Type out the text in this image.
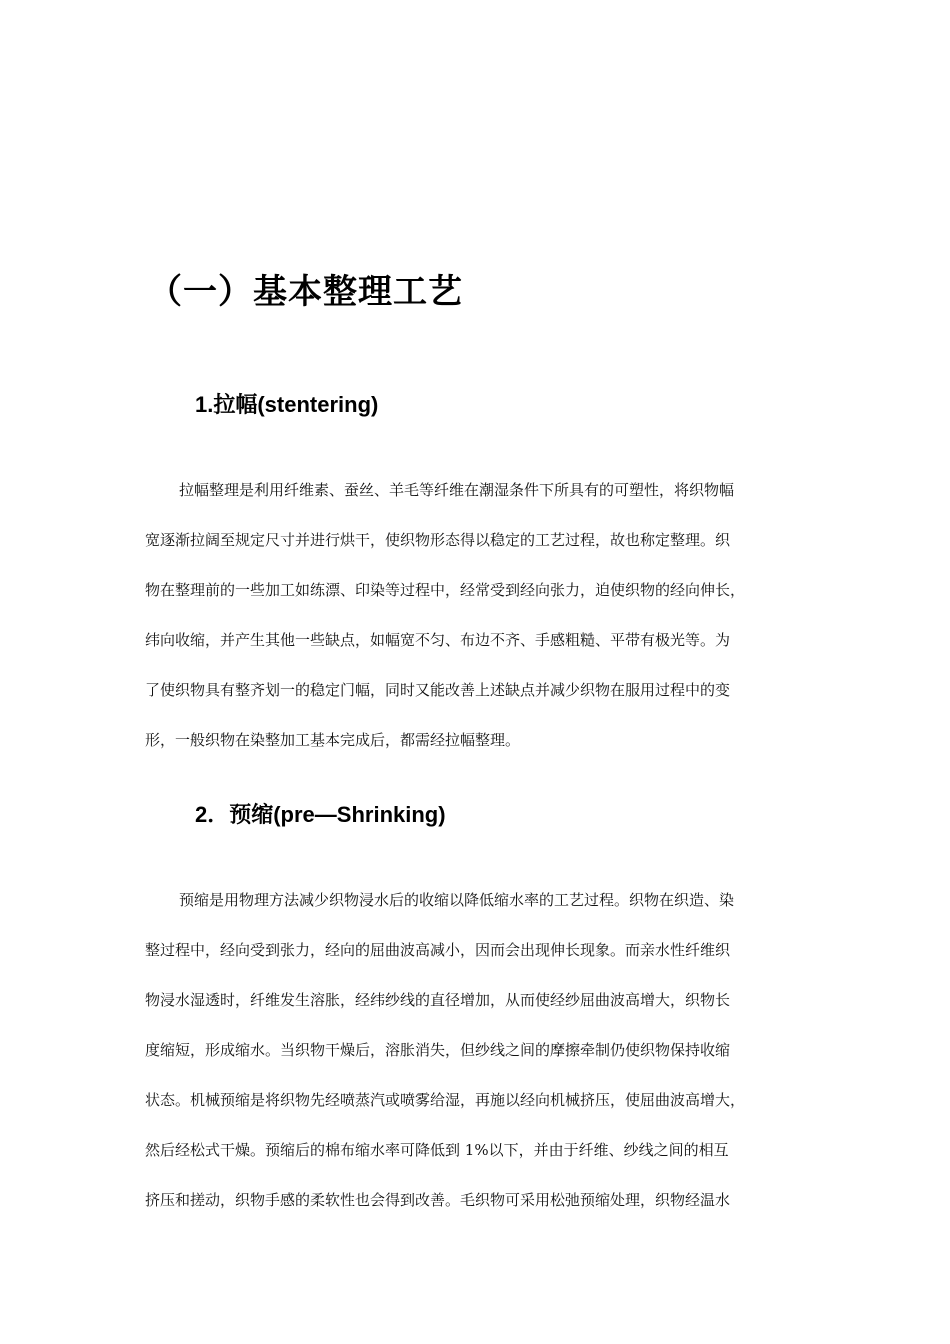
（一）基本整理工艺
1.拉幅(stentering)
拉幅整理是利用纤维素、蚕丝、羊毛等纤维在潮湿条件下所具有的可塑性，将织物幅
宽逐渐拉阔至规定尺寸并进行烘干，使织物形态得以稳定的工艺过程，故也称定整理。织
物在整理前的一些加工如练漂、印染等过程中，经常受到经向张力，迫使织物的经向伸长，
纬向收缩，并产生其他一些缺点，如幅宽不匀、布边不齐、手感粗糙、平带有极光等。为
了使织物具有整齐划一的稳定门幅，同时又能改善上述缺点并减少织物在服用过程中的变
形，一般织物在染整加工基本完成后，都需经拉幅整理。
2．预缩(pre—Shrinking)
预缩是用物理方法减少织物浸水后的收缩以降低缩水率的工艺过程。织物在织造、染
整过程中，经向受到张力，经向的屈曲波高减小，因而会出现伸长现象。而亲水性纤维织
物浸水湿透时，纤维发生溶胀，经纬纱线的直径增加，从而使经纱屈曲波高增大，织物长
度缩短，形成缩水。当织物干燥后，溶胀消失，但纱线之间的摩擦牵制仍使织物保持收缩
状态。机械预缩是将织物先经喷蒸汽或喷雾给湿，再施以经向机械挤压，使屈曲波高增大，
然后经松式干燥。预缩后的棉布缩水率可降低到 1%以下，并由于纤维、纱线之间的相互
挤压和搓动，织物手感的柔软性也会得到改善。毛织物可采用松弛预缩处理，织物经温水
